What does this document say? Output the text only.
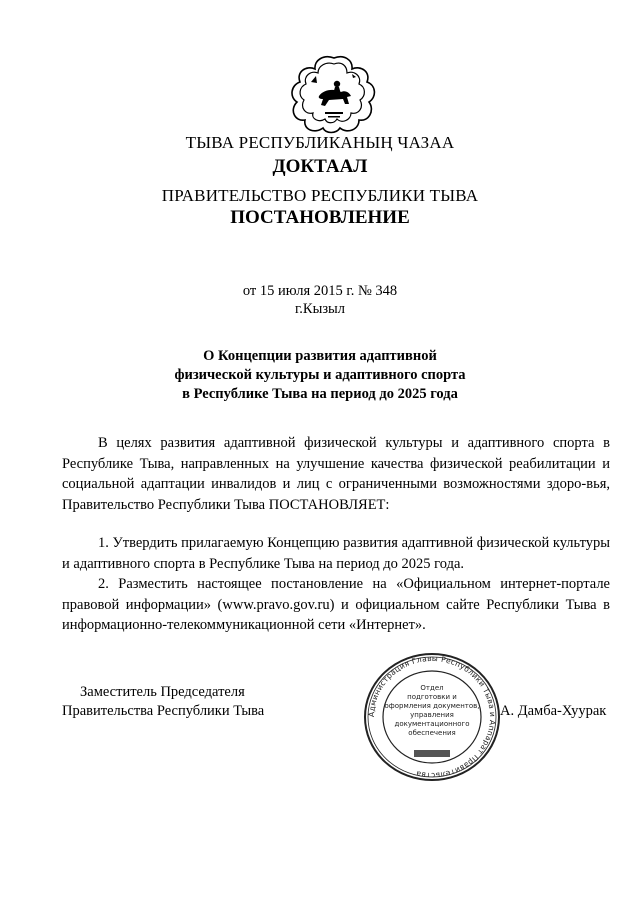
ТЫВА РЕСПУБЛИКАНЫҢ ЧАЗАА
ДОКТААЛ
ПРАВИТЕЛЬСТВО РЕСПУБЛИКИ ТЫВА
ПОСТАНОВЛЕНИЕ
от 15 июля 2015 г. № 348
г.Кызыл
О Концепции развития адаптивной
физической культуры и адаптивного спорта
в Республике Тыва на период до 2025 года

В целях развития адаптивной физической культуры и адаптивного спорта в Республике Тыва, направленных на улучшение качества физической реабилитации и социальной адаптации инвалидов и лиц с ограниченными возможностями здоро-вья, Правительство Республики Тыва ПОСТАНОВЛЯЕТ:

1. Утвердить прилагаемую Концепцию развития адаптивной физической культуры и адаптивного спорта в Республике Тыва на период до 2025 года.

2. Разместить настоящее постановление на «Официальном интернет-портале правовой информации» (www.pravo.gov.ru) и официальном сайте Республики Тыва в информационно-телекоммуникационной сети «Интернет».

Заместитель Председателя
Правительства Республики Тыва	А. Дамба-Хуурак
Администрация Главы Республики Тыва и Аппарат Правительства
Отдел
подготовки и
оформления документов,
управления
документационного
обеспечения
